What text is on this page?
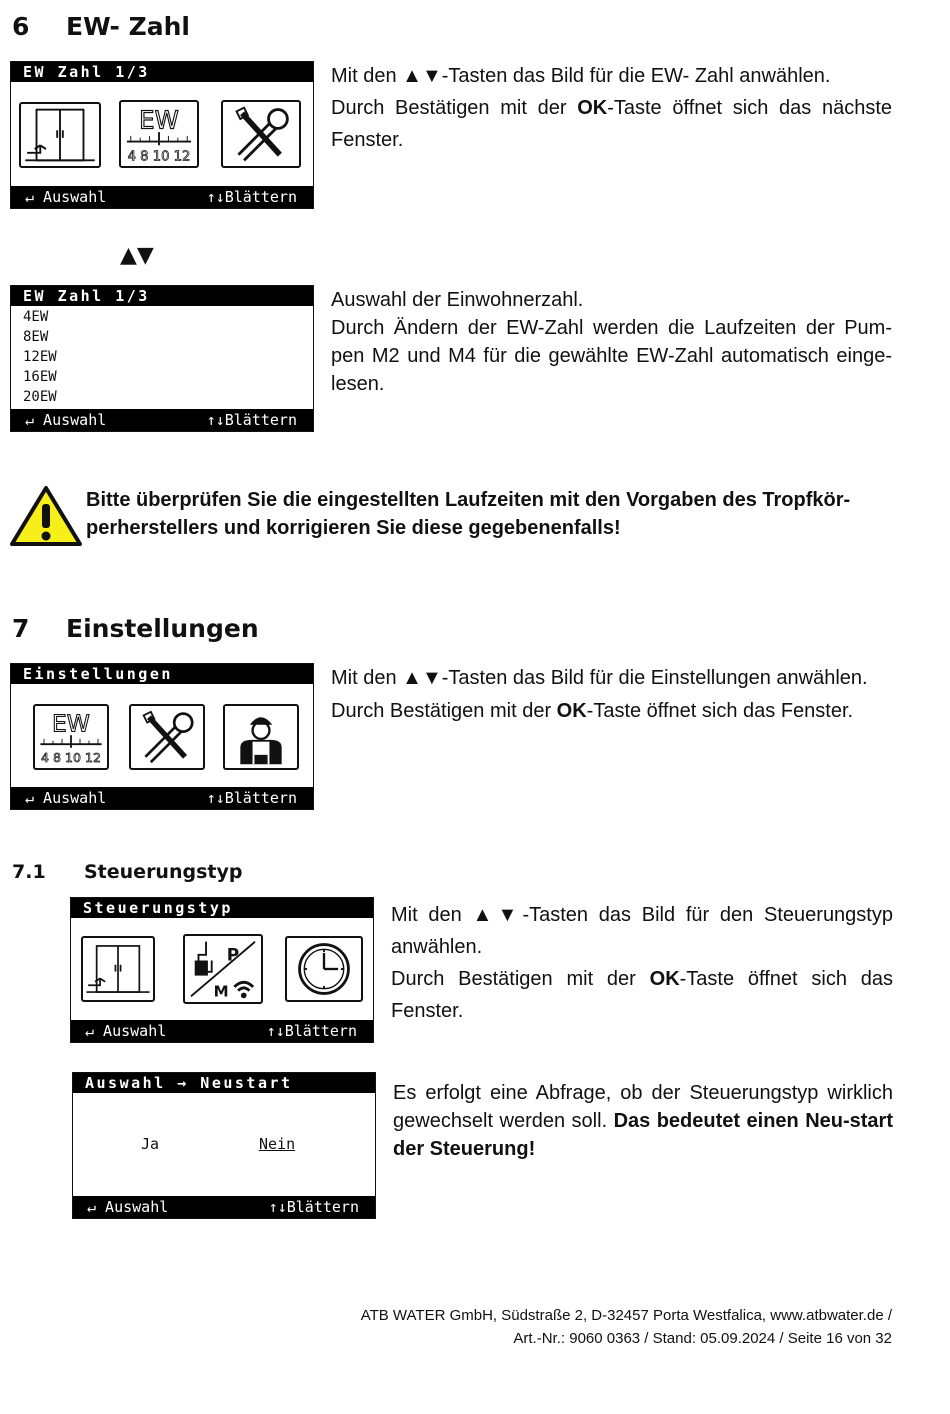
6 EW- Zahl
EW Zahl 1/3
EW
4 8 10 12
↵ Auswahl	↑↓Blättern

Mit den ▲▼-Tasten das Bild für die EW- Zahl anwählen.

Durch Bestätigen mit der OK-Taste öffnet sich das nächste Fenster.

▲▼
EW Zahl 1/3
4EW
8EW
12EW
16EW
20EW
↵ Auswahl	↑↓Blättern

Auswahl der Einwohnerzahl.

Durch Ändern der EW-Zahl werden die Laufzeiten der Pum-pen M2 und M4 für die gewählte EW-Zahl automatisch einge-lesen.

Bitte überprüfen Sie die eingestellten Laufzeiten mit den Vorgaben des Tropfkör-
perherstellers und korrigieren Sie diese gegebenenfalls!
7 Einstellungen
Einstellungen
EW
4 8 10 12
↵ Auswahl	↑↓Blättern

Mit den ▲▼-Tasten das Bild für die Einstellungen anwählen.

Durch Bestätigen mit der OK-Taste öffnet sich das Fenster.

7.1 Steuerungstyp
Steuerungstyp
P
M
↵ Auswahl	↑↓Blättern

Mit den ▲▼-Tasten das Bild für den Steuerungstyp anwählen.

Durch Bestätigen mit der OK-Taste öffnet sich das Fenster.

Auswahl → Neustart
Ja	Nein
↵ Auswahl	↑↓Blättern

Es erfolgt eine Abfrage, ob der Steuerungstyp wirklich gewechselt werden soll. Das bedeutet einen Neu-start der Steuerung!

ATB WATER GmbH, Südstraße 2, D-32457 Porta Westfalica, www.atbwater.de /
Art.-Nr.: 9060 0363 / Stand: 05.09.2024 / Seite 16 von 32
